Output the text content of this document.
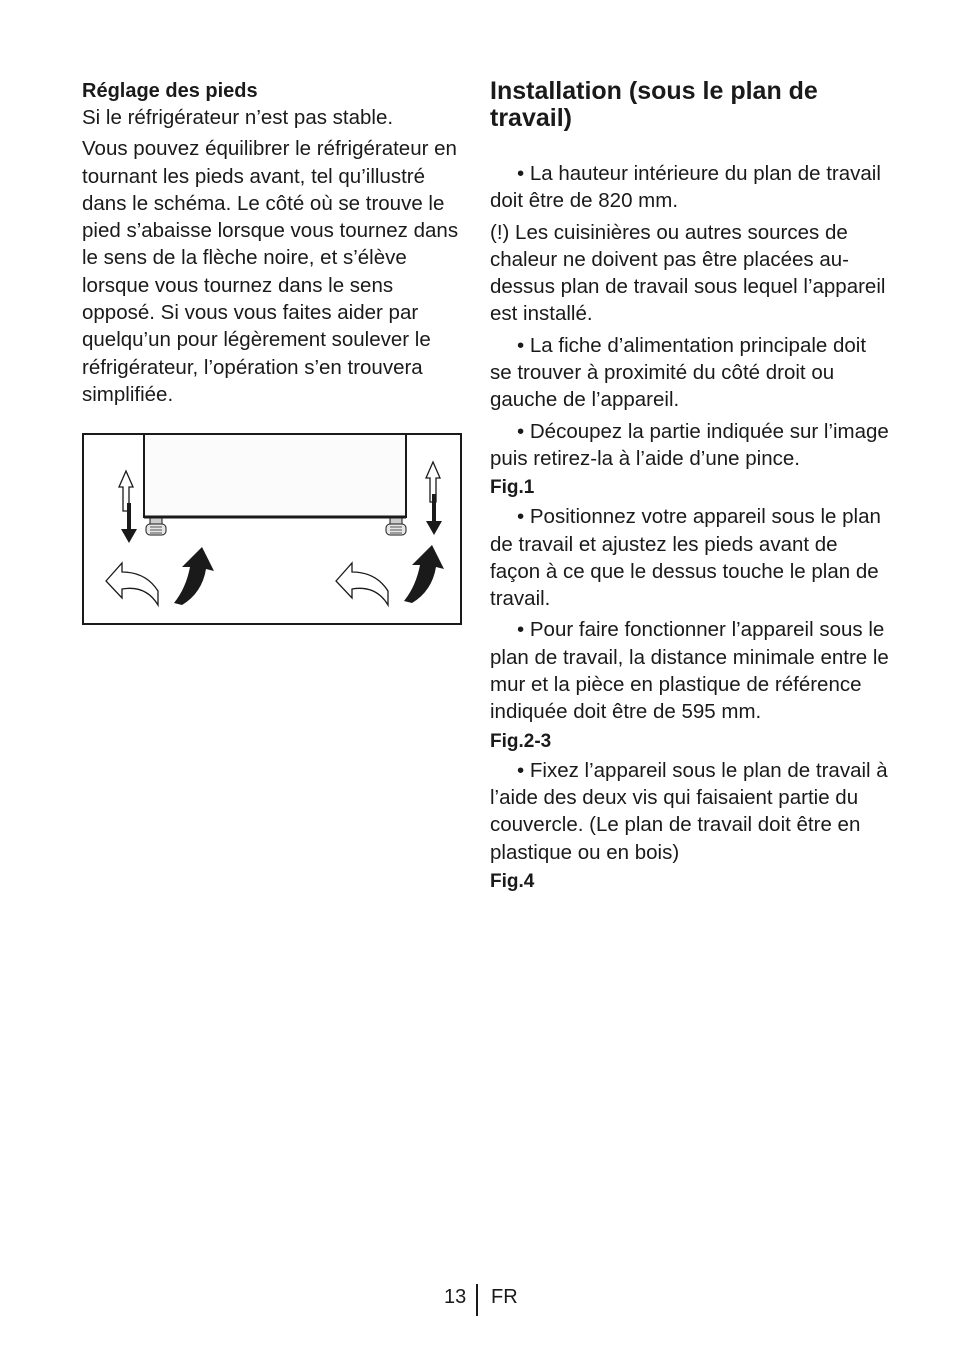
Réglage des pieds

Si le réfrigérateur n’est pas stable.

Vous pouvez équilibrer le réfrigérateur en tournant les pieds avant, tel qu’illustré dans le schéma. Le côté où se trouve le pied s’abaisse lorsque vous tournez dans le sens de la flèche noire, et s’élève lorsque vous tournez dans le sens opposé. Si vous vous faites aider par quelqu’un pour légèrement soulever le réfrigérateur, l’opération s’en trouvera simplifiée.

Installation (sous le plan de travail)

• La hauteur intérieure du plan de travail doit être de 820 mm.

(!) Les cuisinières ou autres sources de chaleur ne doivent pas être placées au-dessus plan de travail sous lequel l’appareil est installé.

• La fiche d’alimentation principale doit se trouver à proximité du côté droit ou gauche de l’appareil.

• Découpez la partie indiquée sur l’image puis retirez-la à l’aide d’une pince.

Fig.1

• Positionnez votre appareil sous le plan de travail et ajustez les pieds avant de façon à ce que le dessus touche le plan de travail.

• Pour faire fonctionner l’appareil sous le plan de travail, la distance minimale entre le mur et la pièce en plastique de référence indiquée doit être de 595 mm.

Fig.2-3

• Fixez l’appareil sous le plan de travail à l’aide des deux vis qui faisaient partie du couvercle. (Le plan de travail doit être en plastique ou en bois)

Fig.4

13 FR
